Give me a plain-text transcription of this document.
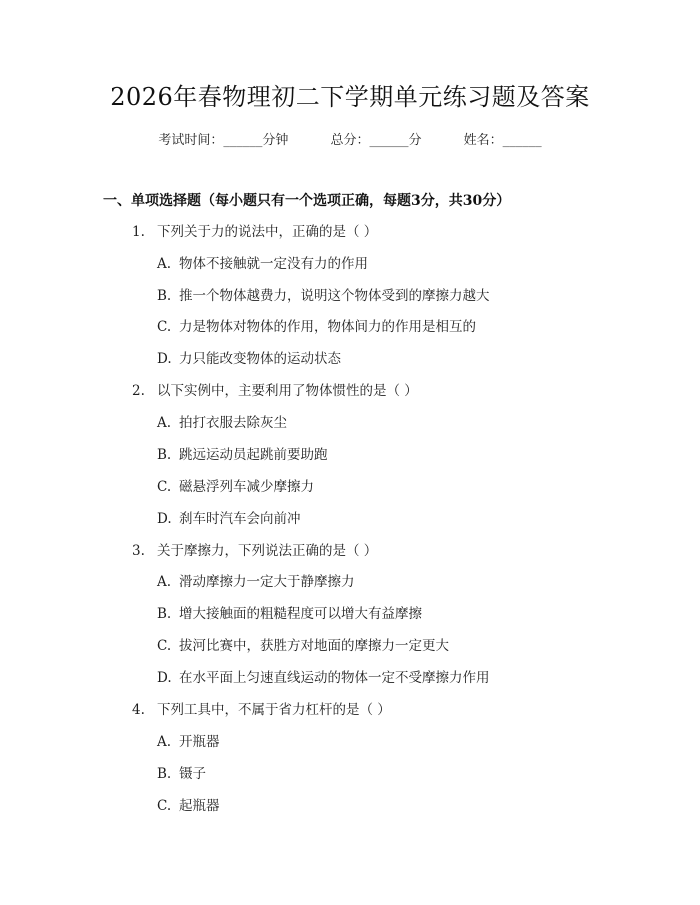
2026年春物理初二下学期单元练习题及答案
考试时间：______分钟	总分：______分	姓名：______
一、单项选择题（每小题只有一个选项正确，每题3分，共30分）
1. 下列关于力的说法中，正确的是（ ）
A. 物体不接触就一定没有力的作用
B. 推一个物体越费力，说明这个物体受到的摩擦力越大
C. 力是物体对物体的作用，物体间力的作用是相互的
D. 力只能改变物体的运动状态
2. 以下实例中，主要利用了物体惯性的是（ ）
A. 拍打衣服去除灰尘
B. 跳远运动员起跳前要助跑
C. 磁悬浮列车减少摩擦力
D. 刹车时汽车会向前冲
3. 关于摩擦力，下列说法正确的是（ ）
A. 滑动摩擦力一定大于静摩擦力
B. 增大接触面的粗糙程度可以增大有益摩擦
C. 拔河比赛中，获胜方对地面的摩擦力一定更大
D. 在水平面上匀速直线运动的物体一定不受摩擦力作用
4. 下列工具中，不属于省力杠杆的是（ ）
A. 开瓶器
B. 镊子
C. 起瓶器
